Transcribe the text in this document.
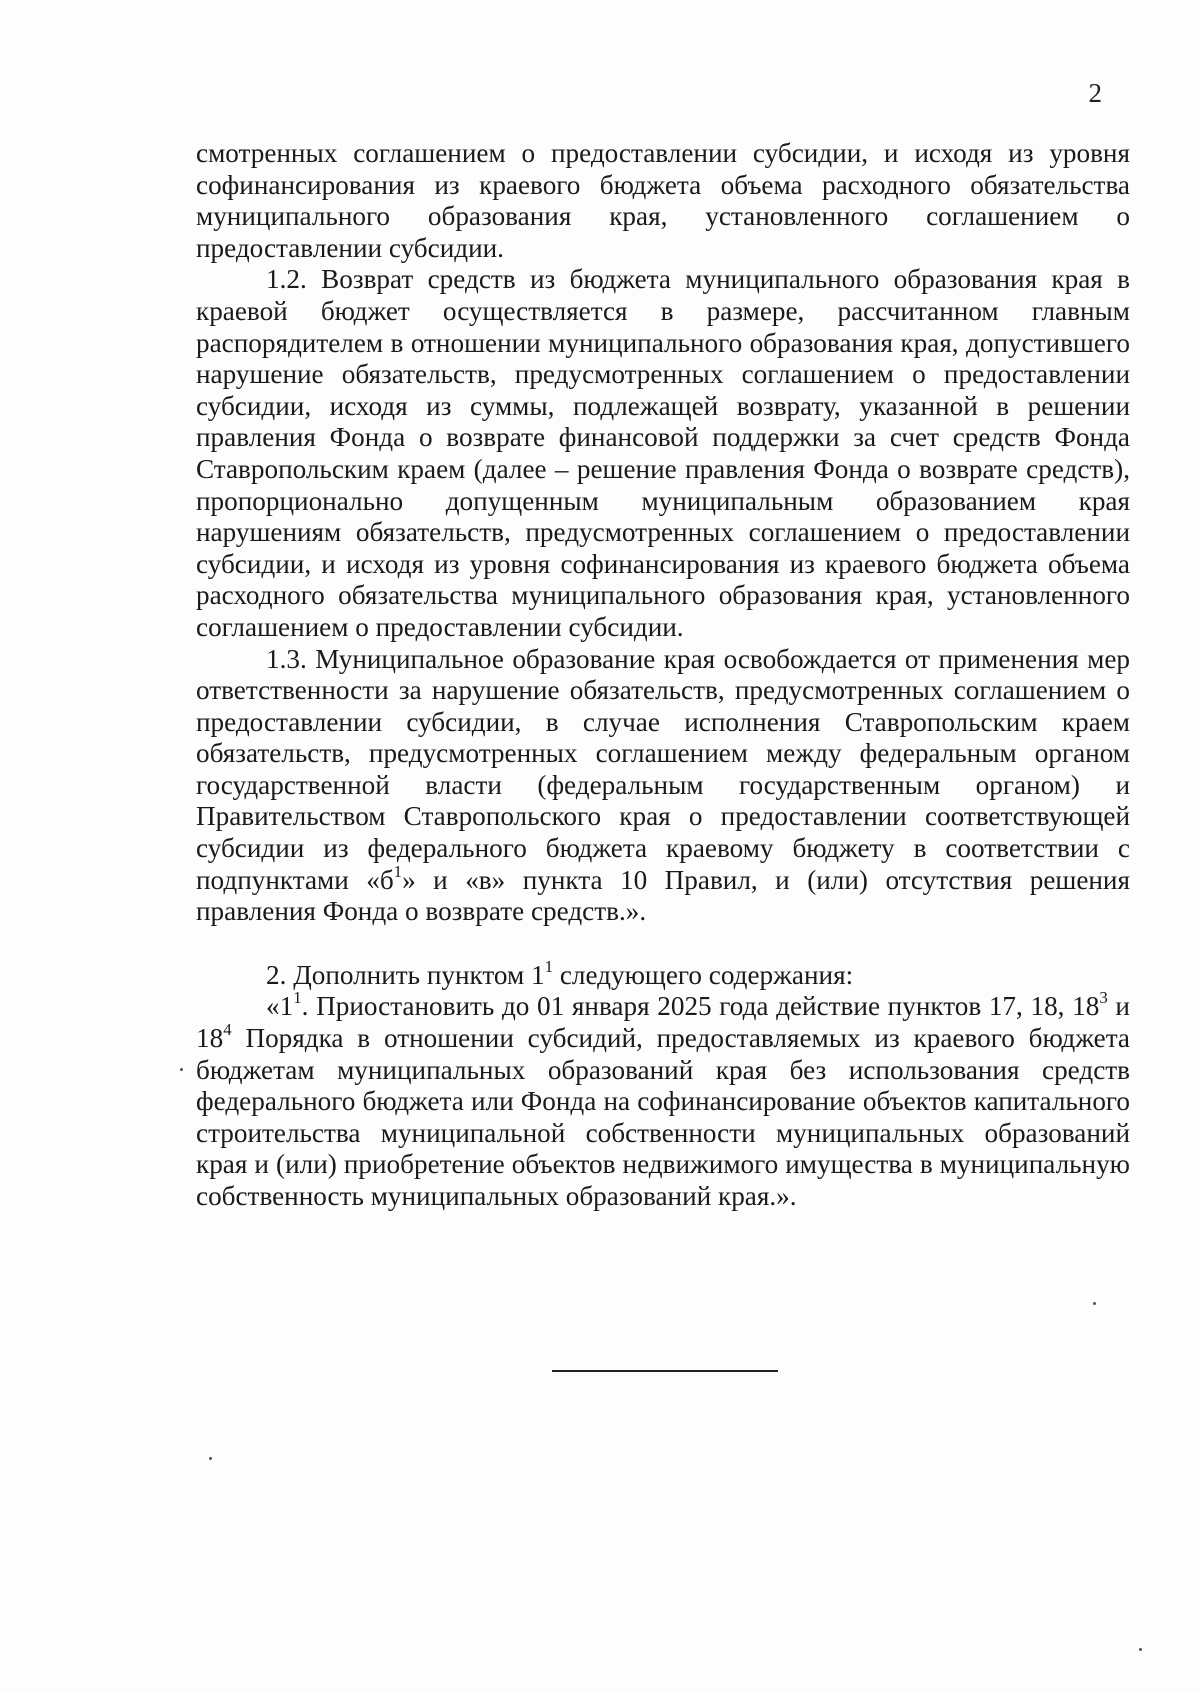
2

смотренных соглашением о предоставлении субсидии, и исходя из уровня софинансирования из краевого бюджета объема расходного обязательства муниципального образования края, установленного соглашением о предоставлении субсидии.

1.2. Возврат средств из бюджета муниципального образования края в краевой бюджет осуществляется в размере, рассчитанном главным распорядителем в отношении муниципального образования края, допустившего нарушение обязательств, предусмотренных соглашением о предоставлении субсидии, исходя из суммы, подлежащей возврату, указанной в решении правления Фонда о возврате финансовой поддержки за счет средств Фонда Ставропольским краем (далее – решение правления Фонда о возврате средств), пропорционально допущенным муниципальным образованием края нарушениям обязательств, предусмотренных соглашением о предоставлении субсидии, и исходя из уровня софинансирования из краевого бюджета объема расходного обязательства муниципального образования края, установленного соглашением о предоставлении субсидии.

1.3. Муниципальное образование края освобождается от применения мер ответственности за нарушение обязательств, предусмотренных соглашением о предоставлении субсидии, в случае исполнения Ставропольским краем обязательств, предусмотренных соглашением между федеральным органом государственной власти (федеральным государственным органом) и Правительством Ставропольского края о предоставлении соответствующей субсидии из федерального бюджета краевому бюджету в соответствии с подпунктами «$б^1$» и «в» пункта 10 Правил, и (или) отсутствия решения правления Фонда о возврате средств.».

2. Дополнить пунктом $1^1$ следующего содержания:

«$1^1$. Приостановить до 01 января 2025 года действие пунктов 17, 18, $18^3$ и $18^4$ Порядка в отношении субсидий, предоставляемых из краевого бюджета бюджетам муниципальных образований края без использования средств федерального бюджета или Фонда на софинансирование объектов капитального строительства муниципальной собственности муниципальных образований края и (или) приобретение объектов недвижимого имущества в муниципальную собственность муниципальных образований края.».
